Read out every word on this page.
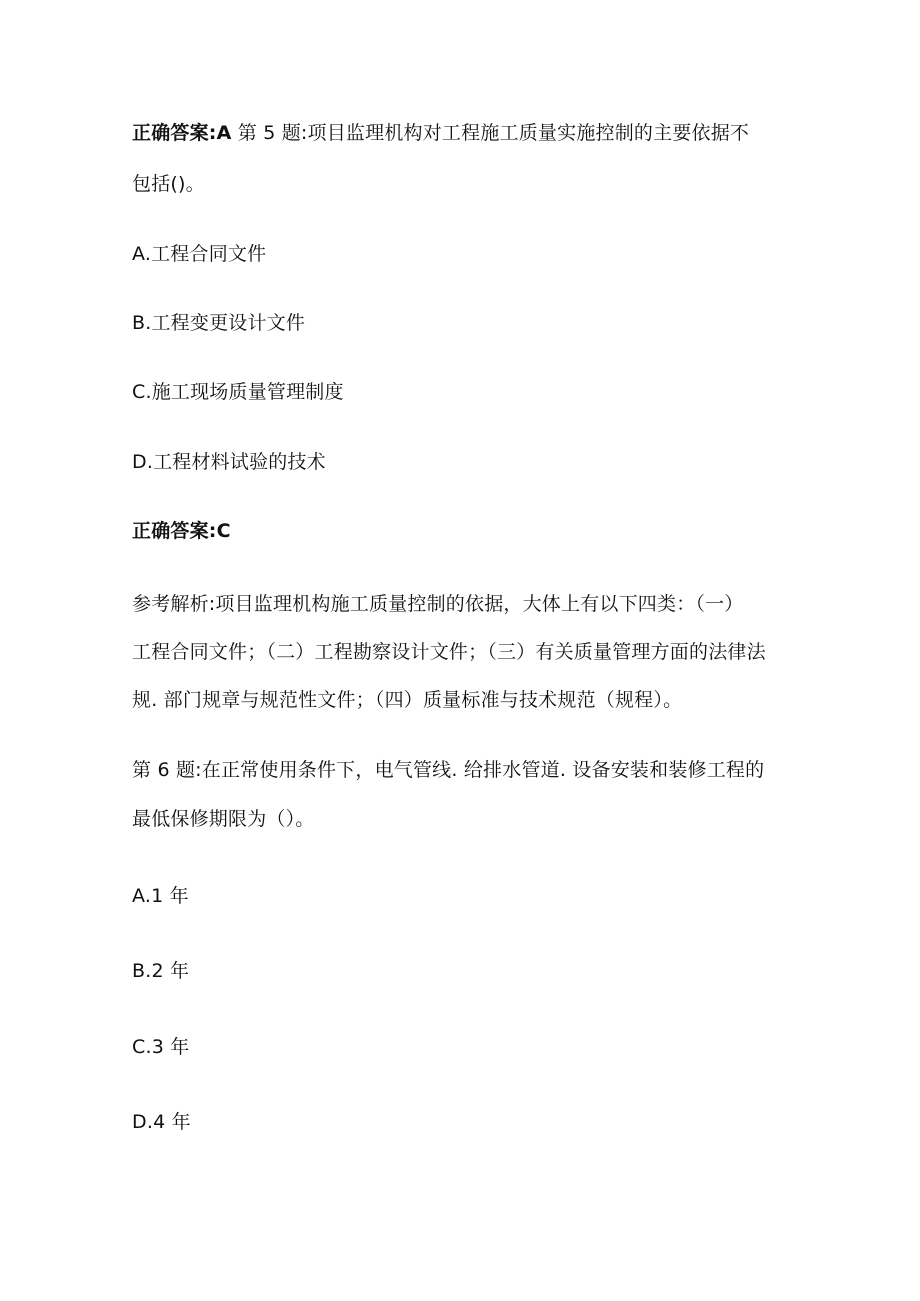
正确答案:A 第 5 题:项目监理机构对工程施工质量实施控制的主要依据不

包括()。

A.工程合同文件

B.工程变更设计文件

C.施工现场质量管理制度

D.工程材料试验的技术

正确答案:C

参考解析:项目监理机构施工质量控制的依据，大体上有以下四类：（一）

工程合同文件；（二）工程勘察设计文件；（三）有关质量管理方面的法律法

规. 部门规章与规范性文件；（四）质量标准与技术规范（规程）。

第 6 题:在正常使用条件下，电气管线. 给排水管道. 设备安装和装修工程的

最低保修期限为（）。

A.1 年

B.2 年

C.3 年

D.4 年
